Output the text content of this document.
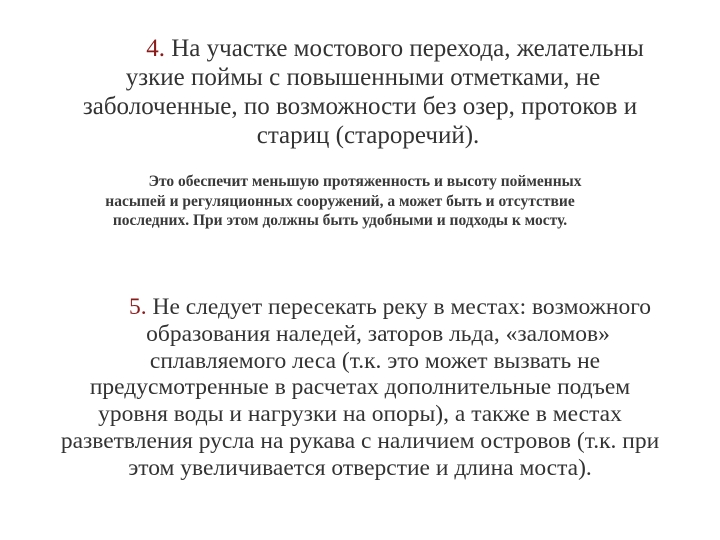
4. На участке мостового перехода, желательны
узкие поймы с повышенными отметками, не
заболоченные, по возможности без озер, протоков и
стариц (старoречий).
Это обеспечит меньшую протяженность и высоту пойменных
насыпей и регуляционных сооружений, а может быть и отсутствие
последних. При этом должны быть удобными и подходы к мосту.
5. Не следует пересекать реку в местах: возможного
образования наледей, заторов льда, «заломов»
сплавляемого леса (т.к. это может вызвать не
предусмотренные в расчетах дополнительные подъем
уровня воды и нагрузки на опоры), а также в местах
разветвления русла на рукава с наличием островов (т.к. при
этом увеличивается отверстие и длина моста).
